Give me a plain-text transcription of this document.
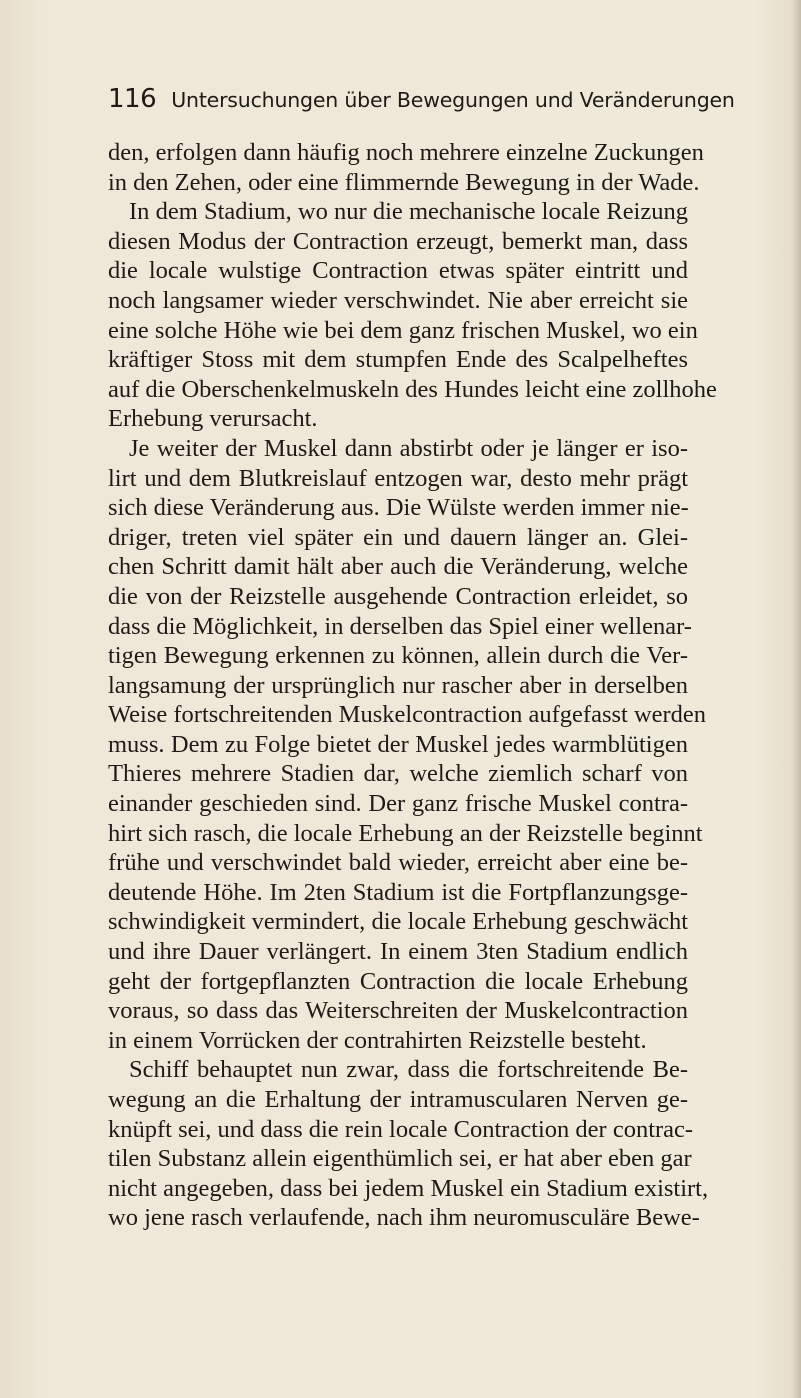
116 Untersuchungen über Bewegungen und Veränderungen
den, erfolgen dann häufig noch mehrere einzelne Zuckungen
in den Zehen, oder eine flimmernde Bewegung in der Wade.
In dem Stadium, wo nur die mechanische locale Reizung
diesen Modus der Contraction erzeugt, bemerkt man, dass
die locale wulstige Contraction etwas später eintritt und
noch langsamer wieder verschwindet. Nie aber erreicht sie
eine solche Höhe wie bei dem ganz frischen Muskel, wo ein
kräftiger Stoss mit dem stumpfen Ende des Scalpelheftes
auf die Oberschenkelmuskeln des Hundes leicht eine zollhohe
Erhebung verursacht.
Je weiter der Muskel dann abstirbt oder je länger er iso-
lirt und dem Blutkreislauf entzogen war, desto mehr prägt
sich diese Veränderung aus. Die Wülste werden immer nie-
driger, treten viel später ein und dauern länger an. Glei-
chen Schritt damit hält aber auch die Veränderung, welche
die von der Reizstelle ausgehende Contraction erleidet, so
dass die Möglichkeit, in derselben das Spiel einer wellenar-
tigen Bewegung erkennen zu können, allein durch die Ver-
langsamung der ursprünglich nur rascher aber in derselben
Weise fortschreitenden Muskelcontraction aufgefasst werden
muss. Dem zu Folge bietet der Muskel jedes warmblütigen
Thieres mehrere Stadien dar, welche ziemlich scharf von
einander geschieden sind. Der ganz frische Muskel contra-
hirt sich rasch, die locale Erhebung an der Reizstelle beginnt
frühe und verschwindet bald wieder, erreicht aber eine be-
deutende Höhe. Im 2ten Stadium ist die Fortpflanzungsge-
schwindigkeit vermindert, die locale Erhebung geschwächt
und ihre Dauer verlängert. In einem 3ten Stadium endlich
geht der fortgepflanzten Contraction die locale Erhebung
voraus, so dass das Weiterschreiten der Muskelcontraction
in einem Vorrücken der contrahirten Reizstelle besteht.
Schiff behauptet nun zwar, dass die fortschreitende Be-
wegung an die Erhaltung der intramuscularen Nerven ge-
knüpft sei, und dass die rein locale Contraction der contrac-
tilen Substanz allein eigenthümlich sei, er hat aber eben gar
nicht angegeben, dass bei jedem Muskel ein Stadium existirt,
wo jene rasch verlaufende, nach ihm neuromusculäre Bewe-
